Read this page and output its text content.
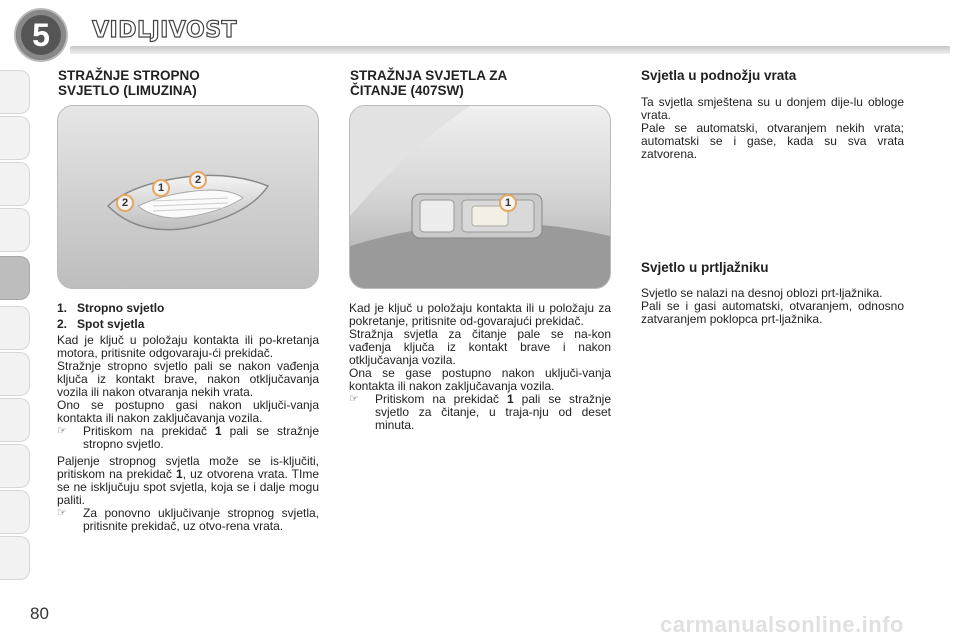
5 VIDLJIVOST
STRAŽNJE STROPNO
SVJETLO (LIMUZINA)
2
1
2

1. Stropno svjetlo

2. Spot svjetla

Kad je ključ u položaju kontakta ili po-kretanja motora, pritisnite odgovaraju-ći prekidač.

Stražnje stropno svjetlo pali se nakon vađenja ključa iz kontakt brave, nakon otključavanja vozila ili nakon otvaranja nekih vrata.

Ono se postupno gasi nakon uključi-vanja kontakta ili nakon zaključavanja vozila.

☞	Pritiskom na prekidač 1 pali se stražnje stropno svjetlo.

Paljenje stropnog svjetla može se is-ključiti, pritiskom na prekidač 1, uz otvorena vrata. TIme se ne isključuju spot svjetla, koja se i dalje mogu paliti.

☞	Za ponovno uključivanje stropnog svjetla, pritisnite prekidač, uz otvo-rena vrata.
STRAŽNJA SVJETLA ZA
ČITANJE (407SW)
1

Kad je ključ u položaju kontakta ili u položaju za pokretanje, pritisnite od-govarajući prekidač.

Stražnja svjetla za čitanje pale se na-kon vađenja ključa iz kontakt brave i nakon otključavanja vozila.

Ona se gase postupno nakon uključi-vanja kontakta ili nakon zaključavanja vozila.

☞	Pritiskom na prekidač 1 pali se stražnje svjetlo za čitanje, u traja-nju od deset minuta.
Svjetla u podnožju vrata

Ta svjetla smještena su u donjem dije-lu obloge vrata.

Pale se automatski, otvaranjem nekih vrata; automatski se i gase, kada su sva vrata zatvorena.

Svjetlo u prtljažniku

Svjetlo se nalazi na desnoj oblozi prt-ljažnika.

Pali se i gasi automatski, otvaranjem, odnosno zatvaranjem poklopca prt-ljažnika.

80	carmanualsonline.info
